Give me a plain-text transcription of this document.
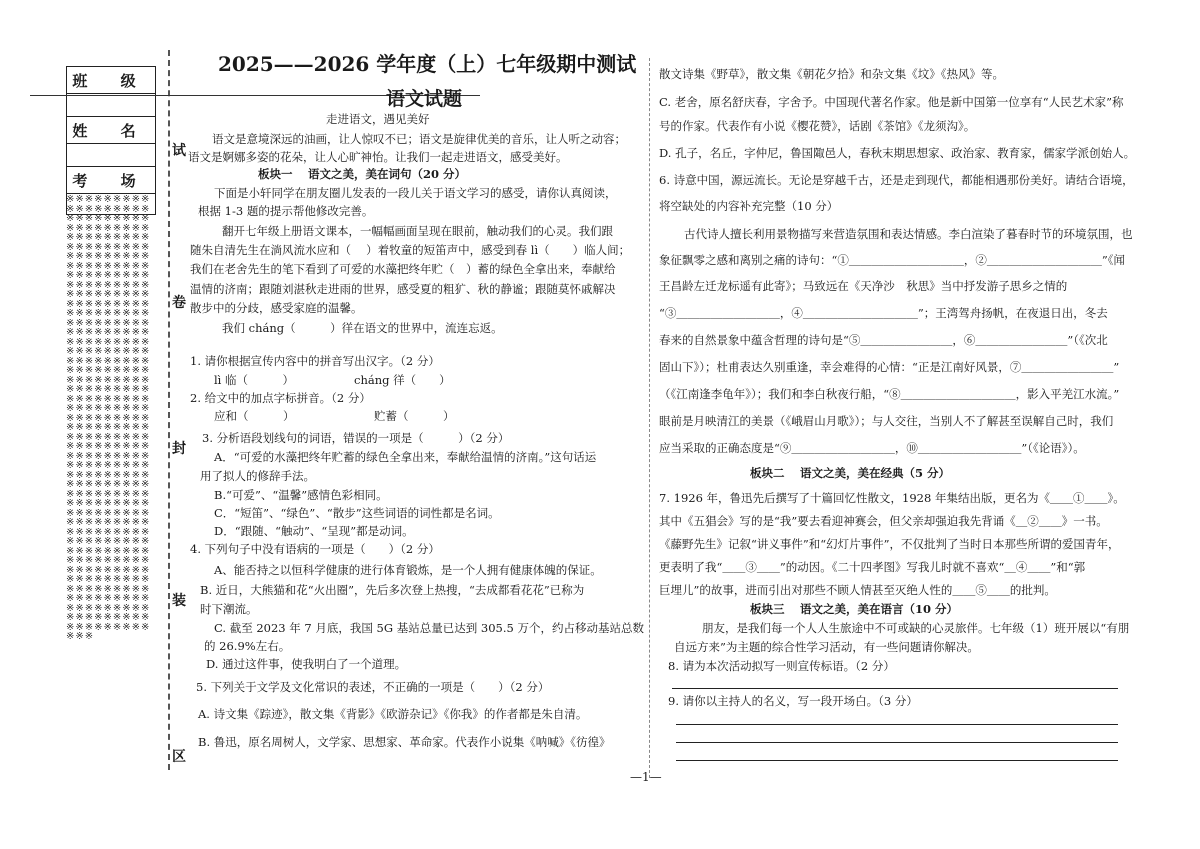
班 级
姓 名
考 场
※※※※※※※※※※※※※※※※※※※※※※※※※※※※※※※※※※※※※※※※※※※※※※※※※※※※※※※※※※※※※※※※※※※※※※※※※※※※※※※※※※※※※※※※※※※※※※※※※※※※※※※※※※※※※※※※※※※※※※※※※※※※※※※※※※※※※※※※※※※※※※※※※※※※※※※※※※※※※※※※※※※※※※※※※※※※※※※※※※※※※※※※※※※※※※※※※※※※※※※※※※※※※※※※※※※※※※※※※※※※※※※※※※※※※※※※※※※※※※※※※※※※※※※※※※※※※※※※※※※※※※※※※※※※※※※※※※※※※※※※※※※※※※※※※※※※※※※※※※※※※※※※※※※※※※※※※※※※※※※※※※※※※※※※※※※※※※※※※※※※※※※※※※※※※※※※※※※※※※※※※※※※※※※※※※※※※※※※※※※※※※※※※※※※※※※※※※※※※※※※※※※※※※※※※※※※※※※※※
试
卷
封
装
区
2025——2026 学年度（上）七年级期中测试
语文试题
走进语文，遇见美好
语文是意境深远的油画，让人惊叹不已；语文是旋律优美的音乐，让人听之动容；
语文是婀娜多姿的花朵，让人心旷神怡。让我们一起走进语文，感受美好。
板块一　 语文之美，美在词句（20 分）
下面是小轩同学在朋友圈儿发表的一段儿关于语文学习的感受，请你认真阅读，
根据 1-3 题的提示帮他修改完善。
翻开七年级上册语文课本，一幅幅画面呈现在眼前，触动我们的心灵。我们跟
随朱自清先生在淌风流水应和（　 ）着牧童的短笛声中，感受到春 lì（　　）临人间；
我们在老舍先生的笔下看到了可爱的水藻把终年贮（　）蓄的绿色全拿出来，奉献给
温情的济南；跟随刘湛秋走进雨的世界，感受夏的粗犷、秋的静谧；跟随莫怀戚解决
散步中的分歧，感受家庭的温馨。
我们 cháng（　　　）徉在语文的世界中，流连忘返。
1. 请你根据宣传内容中的拼音写出汉字。（2 分）
lì 临（　　　）	cháng 徉（　　）
2. 给文中的加点字标拼音。（2 分）
应和（　　　）	贮蓄（　　　）
3. 分析语段划线句的词语，错误的一项是（　　　）（2 分）
A．“可爱的水藻把终年贮蓄的绿色全拿出来，奉献给温情的济南。”这句话运
用了拟人的修辞手法。
B.“可爱”、“温馨”感情色彩相同。
C．“短笛”、“绿色”、“散步”这些词语的词性都是名词。
D．“跟随、“触动”、“呈现”都是动词。
4. 下列句子中没有语病的一项是（　　）（2 分）
A、能否持之以恒科学健康的进行体育锻炼，是一个人拥有健康体魄的保证。
B. 近日，大熊猫和花“火出圈”，先后多次登上热搜，“去成都看花花”已称为
时下潮流。
C. 截至 2023 年 7 月底，我国 5G 基站总量已达到 305.5 万个，约占移动基站总数
的 26.9%左右。
D. 通过这件事，使我明白了一个道理。
5. 下列关于文学及文化常识的表述，不正确的一项是（　　）（2 分）
A. 诗文集《踪迹》，散文集《背影》《欧游杂记》《你我》的作者都是朱自清。
B. 鲁迅，原名周树人，文学家、思想家、革命家。代表作小说集《呐喊》《彷徨》
散文诗集《野草》，散文集《朝花夕拾》和杂文集《坟》《热风》等。
C. 老舍，原名舒庆春，字舍予。中国现代著名作家。他是新中国第一位享有“人民艺术家”称
号的作家。代表作有小说《樱花赞》，话剧《茶馆》《龙须沟》。
D. 孔子，名丘，字仲尼，鲁国陬邑人，春秋末期思想家、政治家、教育家，儒家学派创始人。
6. 诗意中国，源远流长。无论是穿越千古，还是走到现代，都能相遇那份美好。请结合语境，
将空缺处的内容补充完整（10 分）
古代诗人擅长利用景物描写来营造氛围和表达情感。李白渲染了暮春时节的环境氛围，也
象征飘零之感和离别之痛的诗句：“①＿＿＿＿＿＿＿＿＿＿，②＿＿＿＿＿＿＿＿＿＿”《闻
王昌龄左迁龙标遥有此寄》；马致远在《天净沙　秋思》当中抒发游子思乡之情的
“③＿＿＿＿＿＿＿＿＿，④＿＿＿＿＿＿＿＿＿＿”；王湾驾舟扬帆，在夜退日出，冬去
春来的自然景象中蕴含哲理的诗句是“⑤＿＿＿＿＿＿＿＿，⑥＿＿＿＿＿＿＿＿”（《次北
固山下》）；杜甫表达久别重逢，幸会难得的心情：“正是江南好风景，⑦＿＿＿＿＿＿＿＿”
（《江南逢李龟年》）；我们和李白秋夜行船，“⑧＿＿＿＿＿＿＿＿＿＿，影入平羌江水流。”
眼前是月映清江的美景（《峨眉山月歌》）；与人交往，当别人不了解甚至误解自己时，我们
应当采取的正确态度是“⑨＿＿＿＿＿＿＿＿＿，⑩＿＿＿＿＿＿＿＿＿”（《论语》）。
板块二　 语文之美，美在经典（5 分）
7. 1926 年，鲁迅先后撰写了十篇回忆性散文，1928 年集结出版，更名为《＿＿①＿＿》。
其中《五猖会》写的是“我”要去看迎神赛会，但父亲却强迫我先背诵《＿②＿＿》一书。
《藤野先生》记叙“讲义事件”和“幻灯片事件”，不仅批判了当时日本那些所谓的爱国青年，
更表明了我“＿＿③＿＿”的动因。《二十四孝图》写我儿时就不喜欢“＿④＿＿”和“郭
巨埋儿”的故事，进而引出对那些不顾人情甚至灭绝人性的＿＿⑤＿＿的批判。
板块三　 语文之美，美在语言（10 分）
朋友，是我们每一个人人生旅途中不可或缺的心灵旅伴。七年级（1）班开展以“有朋
自远方来”为主题的综合性学习活动，有一些问题请你解决。
8. 请为本次活动拟写一则宣传标语。（2 分）
9. 请你以主持人的名义，写一段开场白。（3 分）
—1—
